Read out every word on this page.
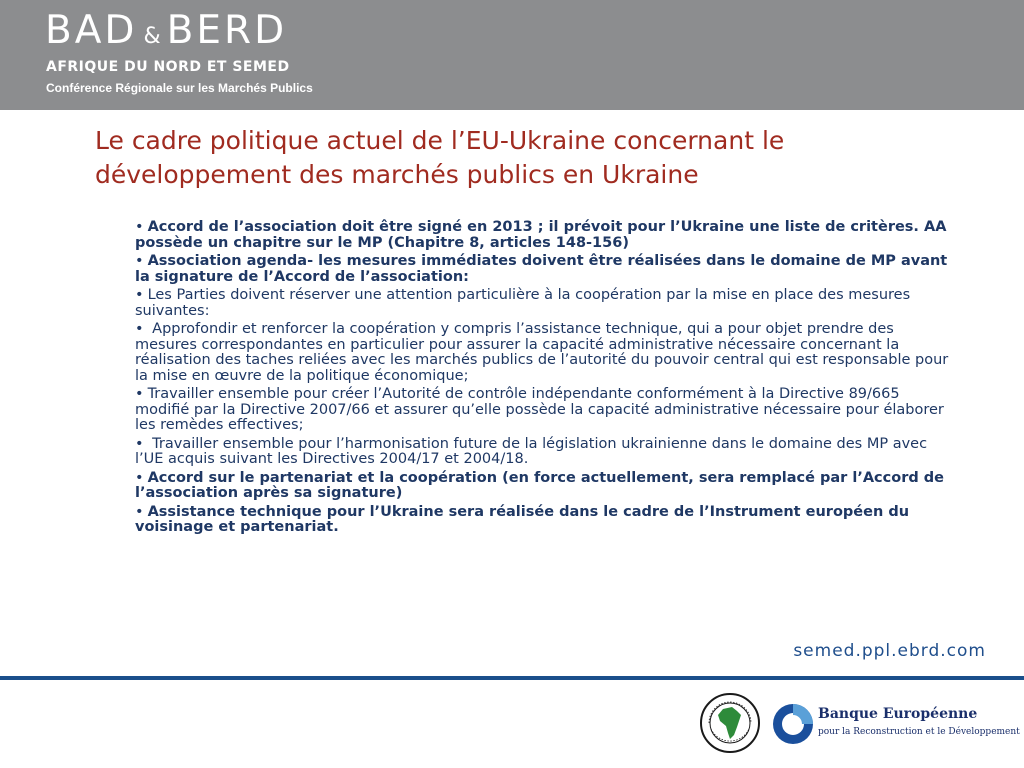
BAD & BERD
AFRIQUE DU NORD ET SEMED
Conférence Régionale sur les Marchés Publics
Le cadre politique actuel de l’EU-Ukraine concernant le développement des marchés publics en Ukraine
• Accord de l’association doit être signé en 2013 ; il prévoit pour l’Ukraine une liste de critères. AA possède un chapitre sur le MP (Chapitre 8, articles 148-156)
• Association agenda- les mesures immédiates doivent être réalisées dans le domaine de MP avant la signature de l’Accord de l’association:
• Les Parties doivent réserver une attention particulière à la coopération par la mise en place des mesures suivantes:
• Approfondir et renforcer la coopération y compris l’assistance technique, qui a pour objet prendre des mesures correspondantes en particulier pour assurer la capacité administrative nécessaire concernant la réalisation des taches reliées avec les marchés publics de l’autorité du pouvoir central qui est responsable pour la mise en œuvre de la politique économique;
• Travailler ensemble pour créer l’Autorité de contrôle indépendante conformément à la Directive 89/665 modifié par la Directive 2007/66 et assurer qu’elle possède la capacité administrative nécessaire pour élaborer les remèdes effectives;
• Travailler ensemble pour l’harmonisation future de la législation ukrainienne dans le domaine des MP avec l’UE acquis suivant les Directives 2004/17 et 2004/18.
• Accord sur le partenariat et la coopération (en force actuellement, sera remplacé par l’Accord de l’association après sa signature)
• Assistance technique pour l’Ukraine sera réalisée dans le cadre de l’Instrument européen du voisinage et partenariat.
semed.ppl.ebrd.com
Banque Européenne
pour la Reconstruction et le Développement
